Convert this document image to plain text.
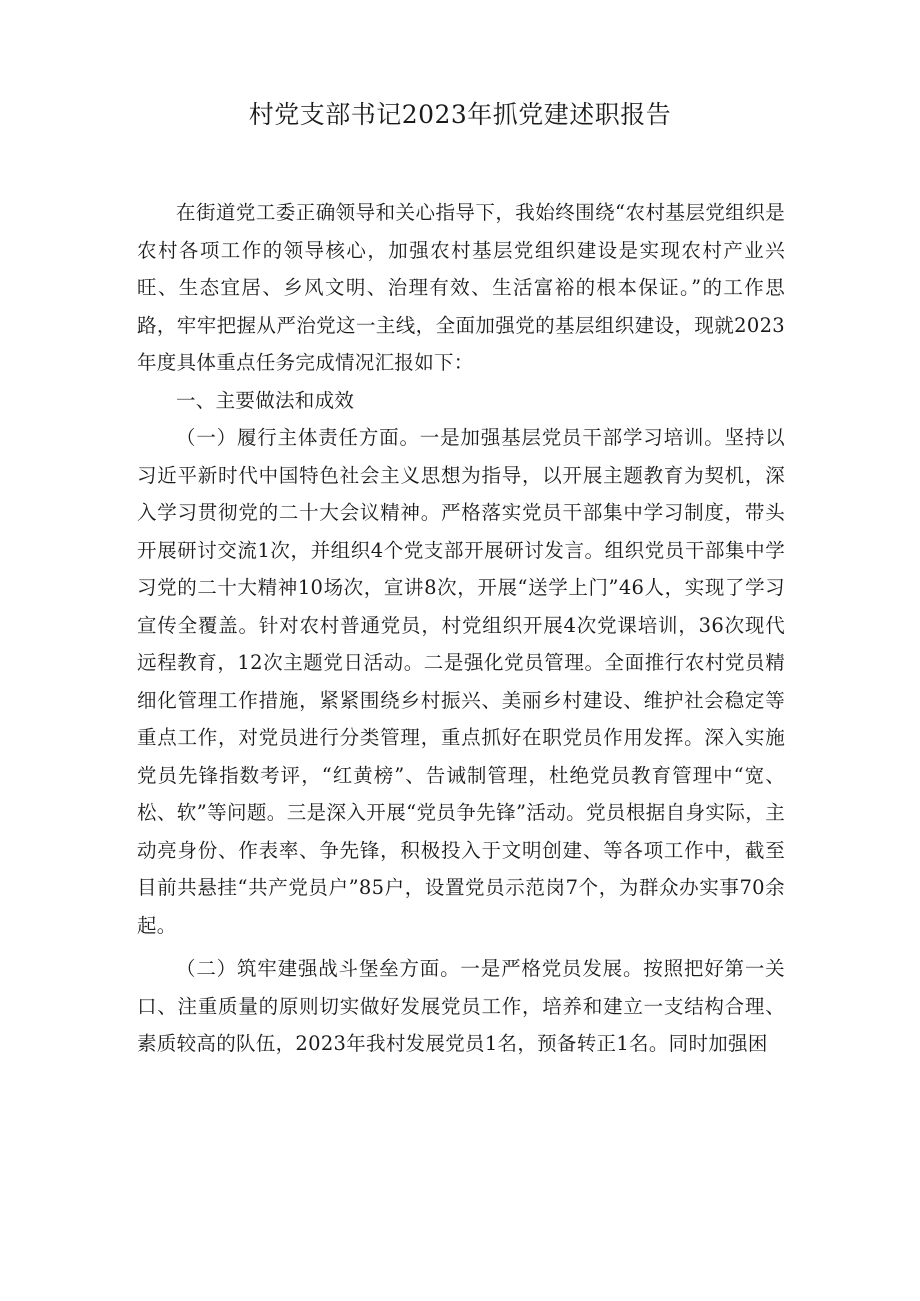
村党支部书记2023年抓党建述职报告

在街道党工委正确领导和关心指导下，我始终围绕“农村基层党组织是农村各项工作的领导核心，加强农村基层党组织建设是实现农村产业兴旺、生态宜居、乡风文明、治理有效、生活富裕的根本保证。”的工作思路，牢牢把握从严治党这一主线，全面加强党的基层组织建设，现就2023年度具体重点任务完成情况汇报如下：

一、主要做法和成效

（一）履行主体责任方面。一是加强基层党员干部学习培训。坚持以习近平新时代中国特色社会主义思想为指导，以开展主题教育为契机，深入学习贯彻党的二十大会议精神。严格落实党员干部集中学习制度，带头开展研讨交流1次，并组织4个党支部开展研讨发言。组织党员干部集中学习党的二十大精神10场次，宣讲8次，开展“送学上门”46人，实现了学习宣传全覆盖。针对农村普通党员，村党组织开展4次党课培训，36次现代远程教育，12次主题党日活动。二是强化党员管理。全面推行农村党员精细化管理工作措施，紧紧围绕乡村振兴、美丽乡村建设、维护社会稳定等重点工作，对党员进行分类管理，重点抓好在职党员作用发挥。深入实施党员先锋指数考评，“红黄榜”、告诫制管理，杜绝党员教育管理中“宽、松、软”等问题。三是深入开展“党员争先锋”活动。党员根据自身实际，主动亮身份、作表率、争先锋，积极投入于文明创建、等各项工作中，截至目前共悬挂“共产党员户”85户，设置党员示范岗7个，为群众办实事70余起。

（二）筑牢建强战斗堡垒方面。一是严格党员发展。按照把好第一关口、注重质量的原则切实做好发展党员工作，培养和建立一支结构合理、素质较高的队伍，2023年我村发展党员1名，预备转正1名。同时加强困
